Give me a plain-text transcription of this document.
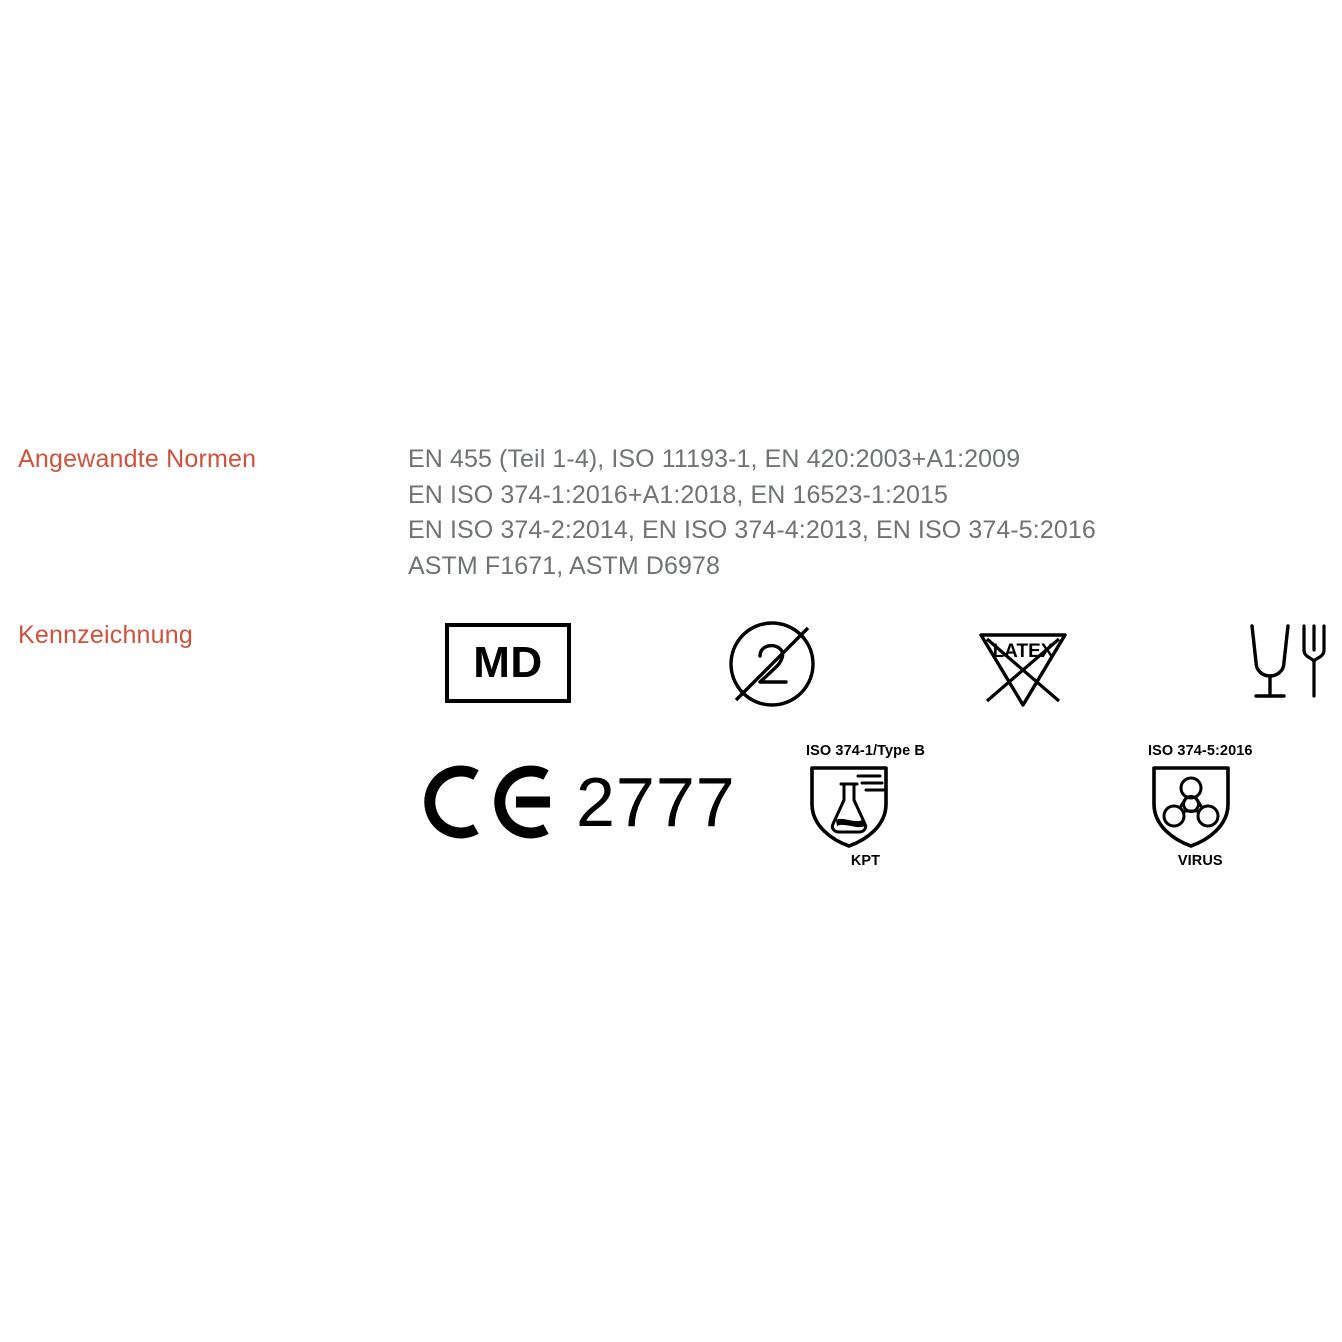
Angewandte Normen	EN 455 (Teil 1-4), ISO 11193-1, EN 420:2003+A1:2009
EN ISO 374-1:2016+A1:2018, EN 16523-1:2015
EN ISO 374-2:2014, EN ISO 374-4:2013, EN ISO 374-5:2016
ASTM F1671, ASTM D6978
Kennzeichnung
MD	LATEX
2777
ISO 374-1/Type B
KPT
ISO 374-5:2016
VIRUS
